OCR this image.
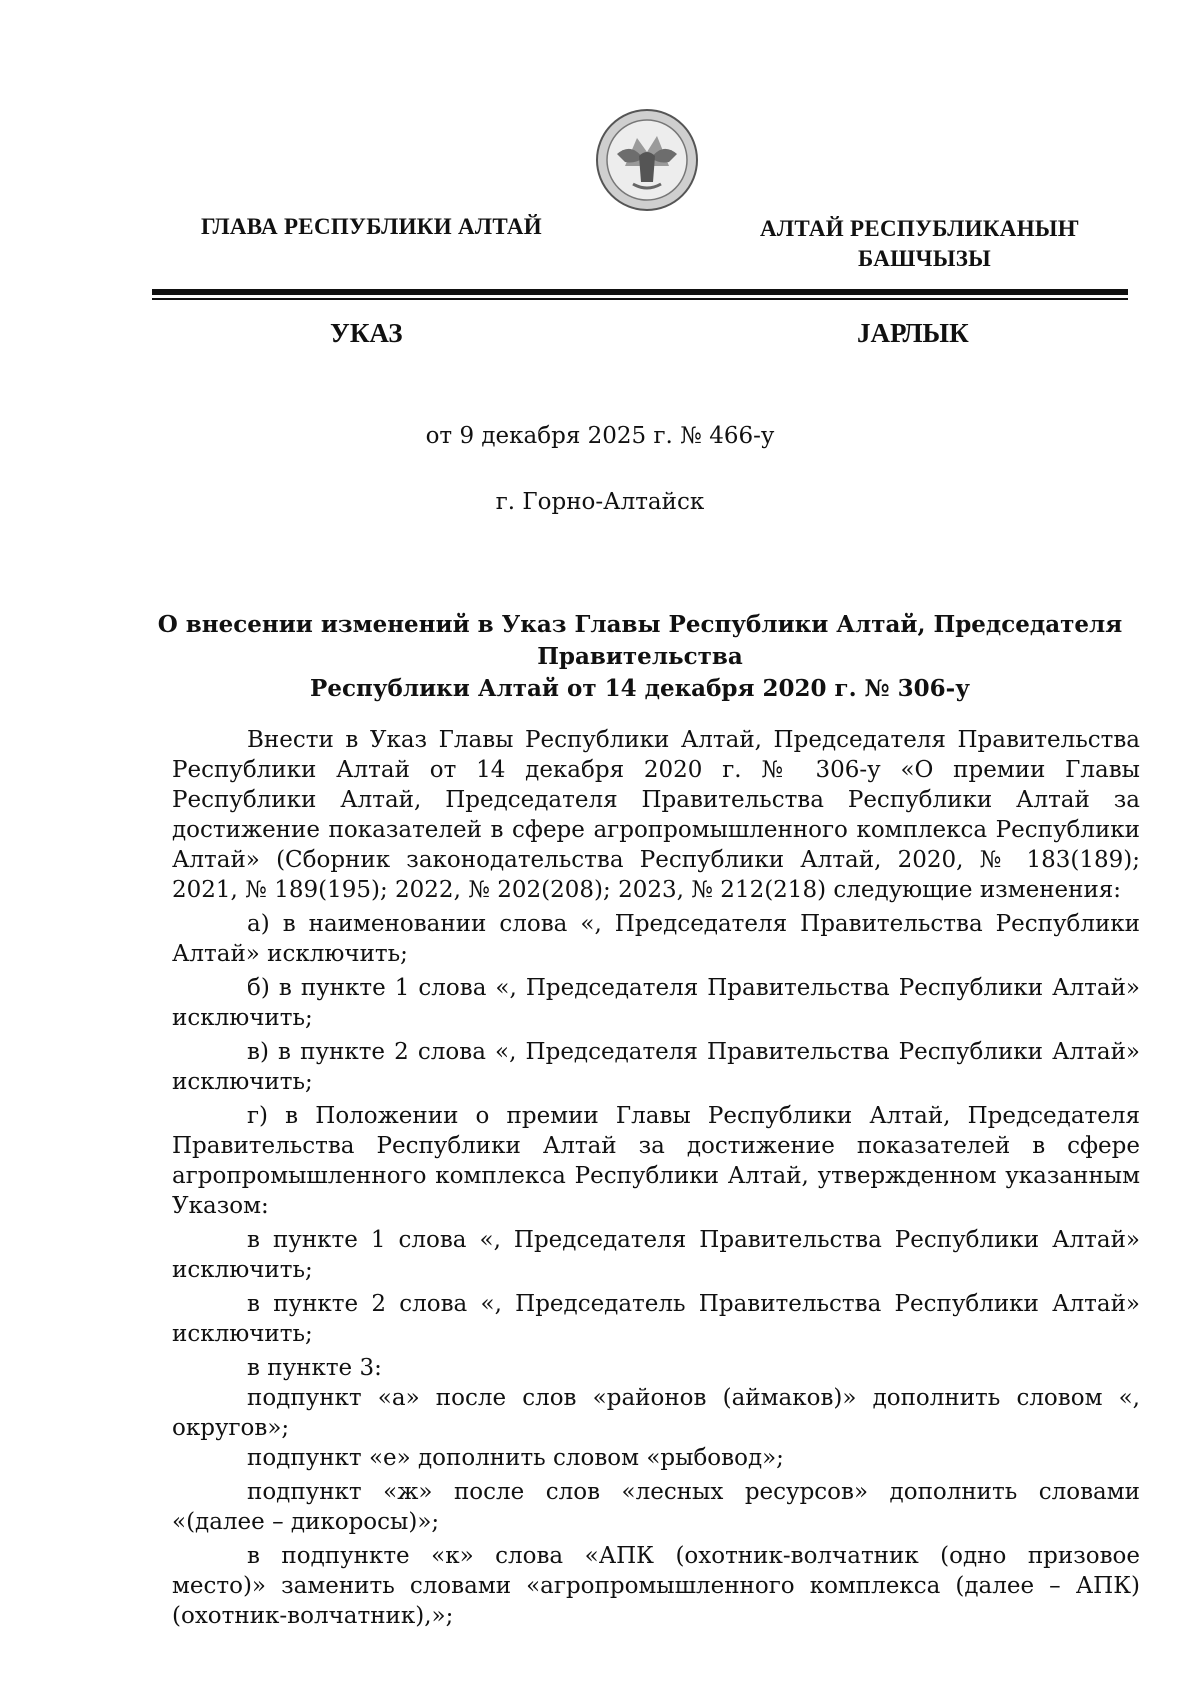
ГЛАВА РЕСПУБЛИКИ АЛТАЙ	АЛТАЙ РЕСПУБЛИКАНЫҤ
БАШЧЫЗЫ
УКАЗ	ЈАРЛЫК
от 9 декабря 2025 г. № 466-у
г. Горно-Алтайск
О внесении изменений в Указ Главы Республики Алтай, Председателя Правительства
Республики Алтай от 14 декабря 2020 г. № 306-у

Внести в Указ Главы Республики Алтай, Председателя Правительства Республики Алтай от 14 декабря 2020 г. № 306-у «О премии Главы Республики Алтай, Председателя Правительства Республики Алтай за достижение показателей в сфере агропромышленного комплекса Республики Алтай» (Сборник законодательства Республики Алтай, 2020, № 183(189); 2021, № 189(195); 2022, № 202(208); 2023, № 212(218) следующие изменения:

а) в наименовании слова «, Председателя Правительства Республики Алтай» исключить;

б) в пункте 1 слова «, Председателя Правительства Республики Алтай» исключить;

в) в пункте 2 слова «, Председателя Правительства Республики Алтай» исключить;

г) в Положении о премии Главы Республики Алтай, Председателя Правительства Республики Алтай за достижение показателей в сфере агропромышленного комплекса Республики Алтай, утвержденном указанным Указом:

в пункте 1 слова «, Председателя Правительства Республики Алтай» исключить;

в пункте 2 слова «, Председатель Правительства Республики Алтай» исключить;

в пункте 3:

подпункт «а» после слов «районов (аймаков)» дополнить словом «, округов»;

подпункт «е» дополнить словом «рыбовод»;

подпункт «ж» после слов «лесных ресурсов» дополнить словами «(далее – дикоросы)»;

в подпункте «к» слова «АПК (охотник-волчатник (одно призовое место)» заменить словами «агропромышленного комплекса (далее – АПК) (охотник-волчатник),»;
